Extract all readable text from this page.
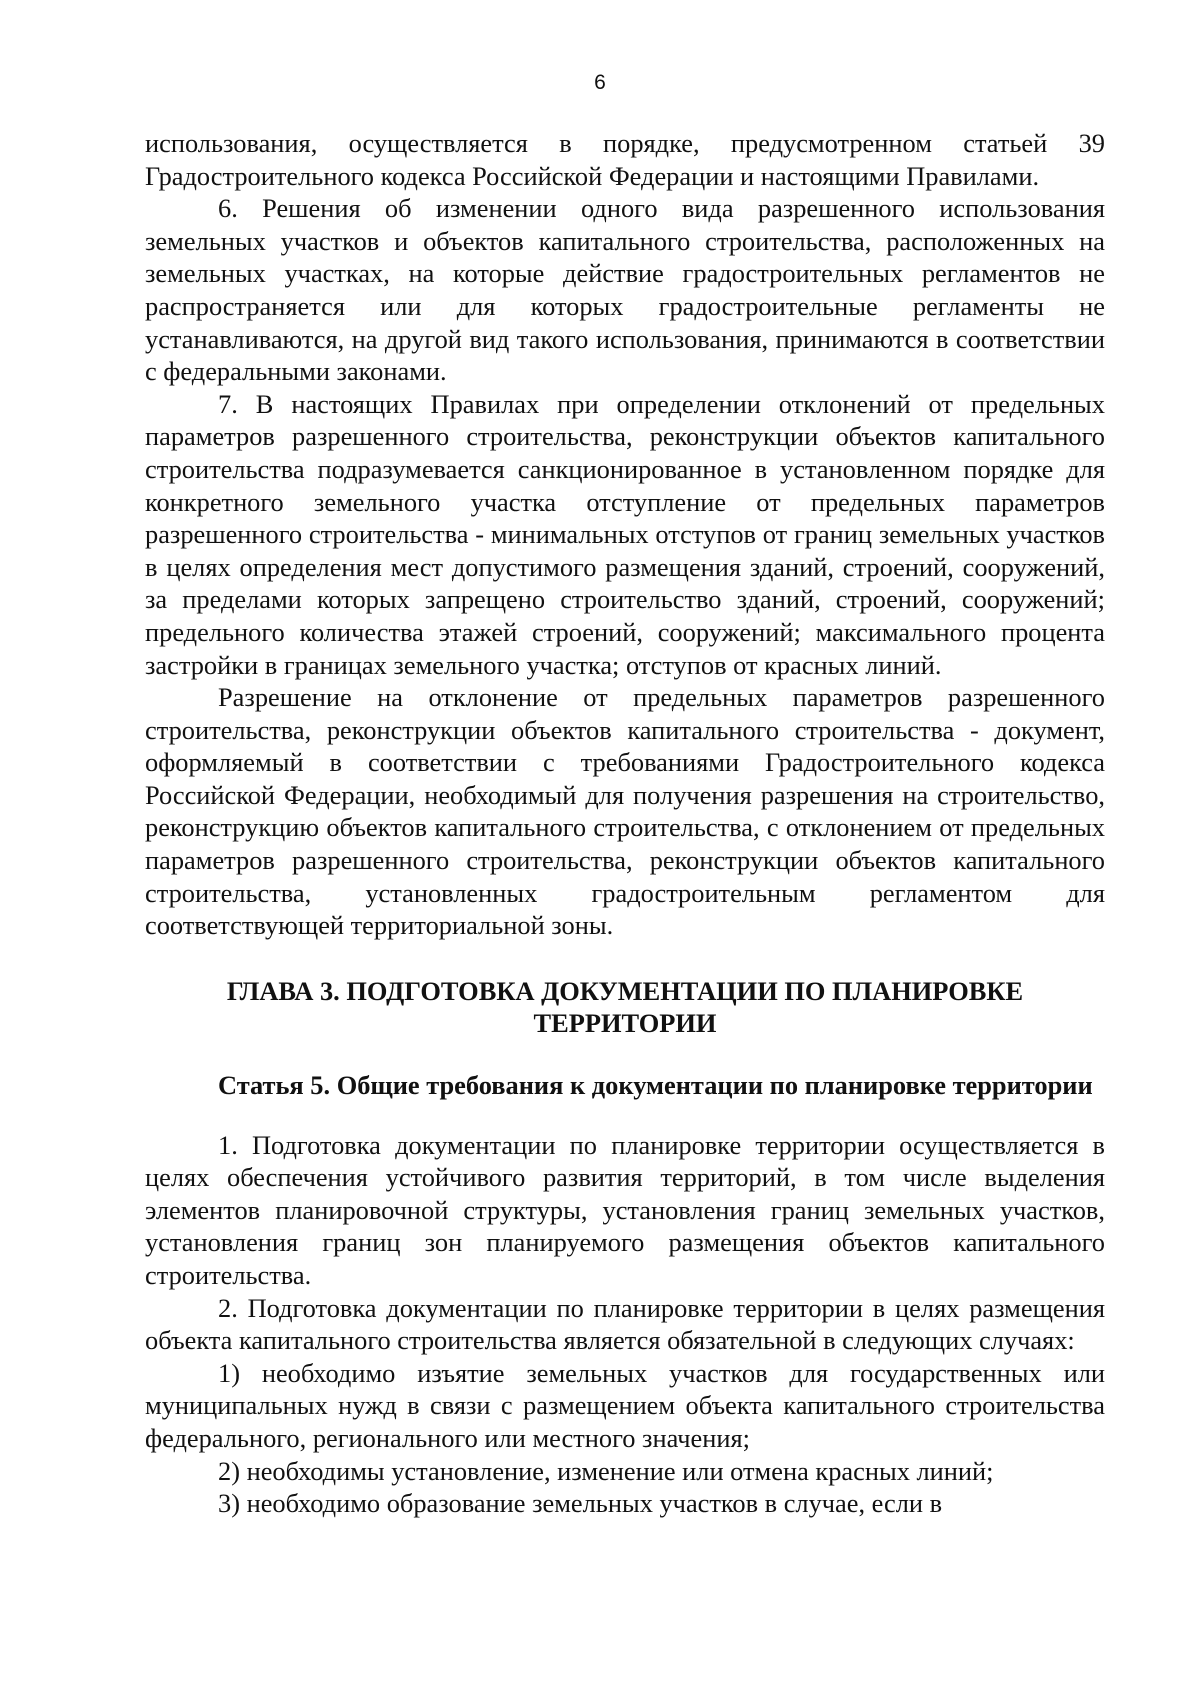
6

использования, осуществляется в порядке, предусмотренном статьей 39 Градостроительного кодекса Российской Федерации и настоящими Правилами.

6. Решения об изменении одного вида разрешенного использования земельных участков и объектов капитального строительства, расположенных на земельных участках, на которые действие градостроительных регламентов не распространяется или для которых градостроительные регламенты не устанавливаются, на другой вид такого использования, принимаются в соответствии с федеральными законами.

7. В настоящих Правилах при определении отклонений от предельных параметров разрешенного строительства, реконструкции объектов капитального строительства подразумевается санкционированное в установленном порядке для конкретного земельного участка отступление от предельных параметров разрешенного строительства - минимальных отступов от границ земельных участков в целях определения мест допустимого размещения зданий, строений, сооружений, за пределами которых запрещено строительство зданий, строений, сооружений; предельного количества этажей строений, сооружений; максимального процента застройки в границах земельного участка; отступов от красных линий.

Разрешение на отклонение от предельных параметров разрешенного строительства, реконструкции объектов капитального строительства - документ, оформляемый в соответствии с требованиями Градостроительного кодекса Российской Федерации, необходимый для получения разрешения на строительство, реконструкцию объектов капитального строительства, с отклонением от предельных параметров разрешенного строительства, реконструкции объектов капитального строительства, установленных градостроительным регламентом для соответствующей территориальной зоны.

ГЛАВА 3. ПОДГОТОВКА ДОКУМЕНТАЦИИ ПО ПЛАНИРОВКЕ
ТЕРРИТОРИИ

Статья 5. Общие требования к документации по планировке территории

1. Подготовка документации по планировке территории осуществляется в целях обеспечения устойчивого развития территорий, в том числе выделения элементов планировочной структуры, установления границ земельных участков, установления границ зон планируемого размещения объектов капитального строительства.

2. Подготовка документации по планировке территории в целях размещения объекта капитального строительства является обязательной в следующих случаях:

1) необходимо изъятие земельных участков для государственных или муниципальных нужд в связи с размещением объекта капитального строительства федерального, регионального или местного значения;

2) необходимы установление, изменение или отмена красных линий;

3) необходимо образование земельных участков в случае, если в
